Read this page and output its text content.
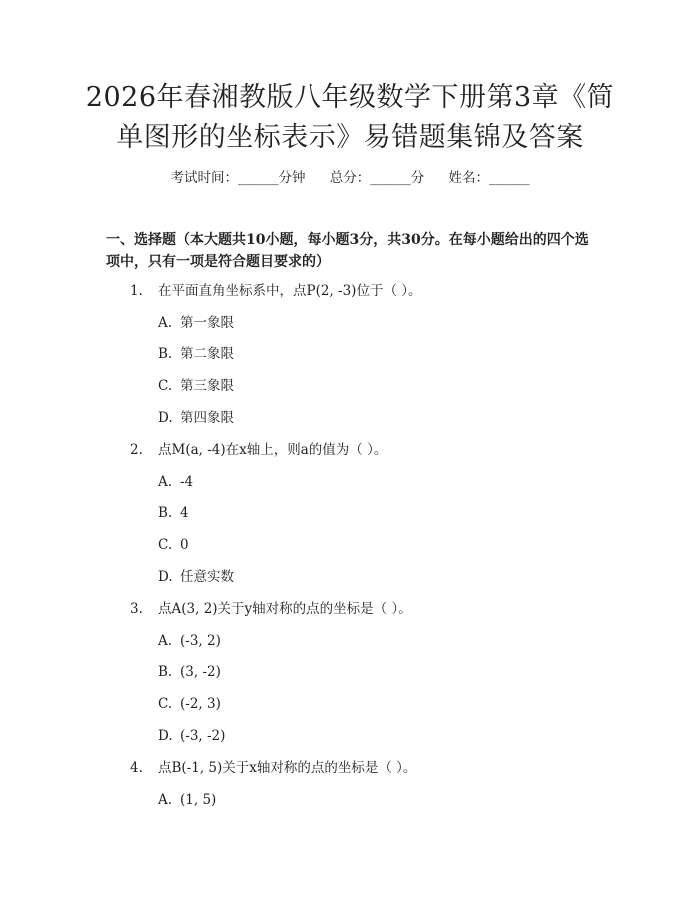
2026年春湘教版八年级数学下册第3章《简
单图形的坐标表示》易错题集锦及答案
考试时间：______分钟 总分：______分 姓名：______
一、选择题（本大题共10小题，每小题3分，共30分。在每小题给出的四个选
项中，只有一项是符合题目要求的）
1. 在平面直角坐标系中，点P(2, -3)位于（ ）。
A. 第一象限
B. 第二象限
C. 第三象限
D. 第四象限
2. 点M(a, -4)在x轴上，则a的值为（ ）。
A. -4
B. 4
C. 0
D. 任意实数
3. 点A(3, 2)关于y轴对称的点的坐标是（ ）。
A. (-3, 2)
B. (3, -2)
C. (-2, 3)
D. (-3, -2)
4. 点B(-1, 5)关于x轴对称的点的坐标是（ ）。
A. (1, 5)
